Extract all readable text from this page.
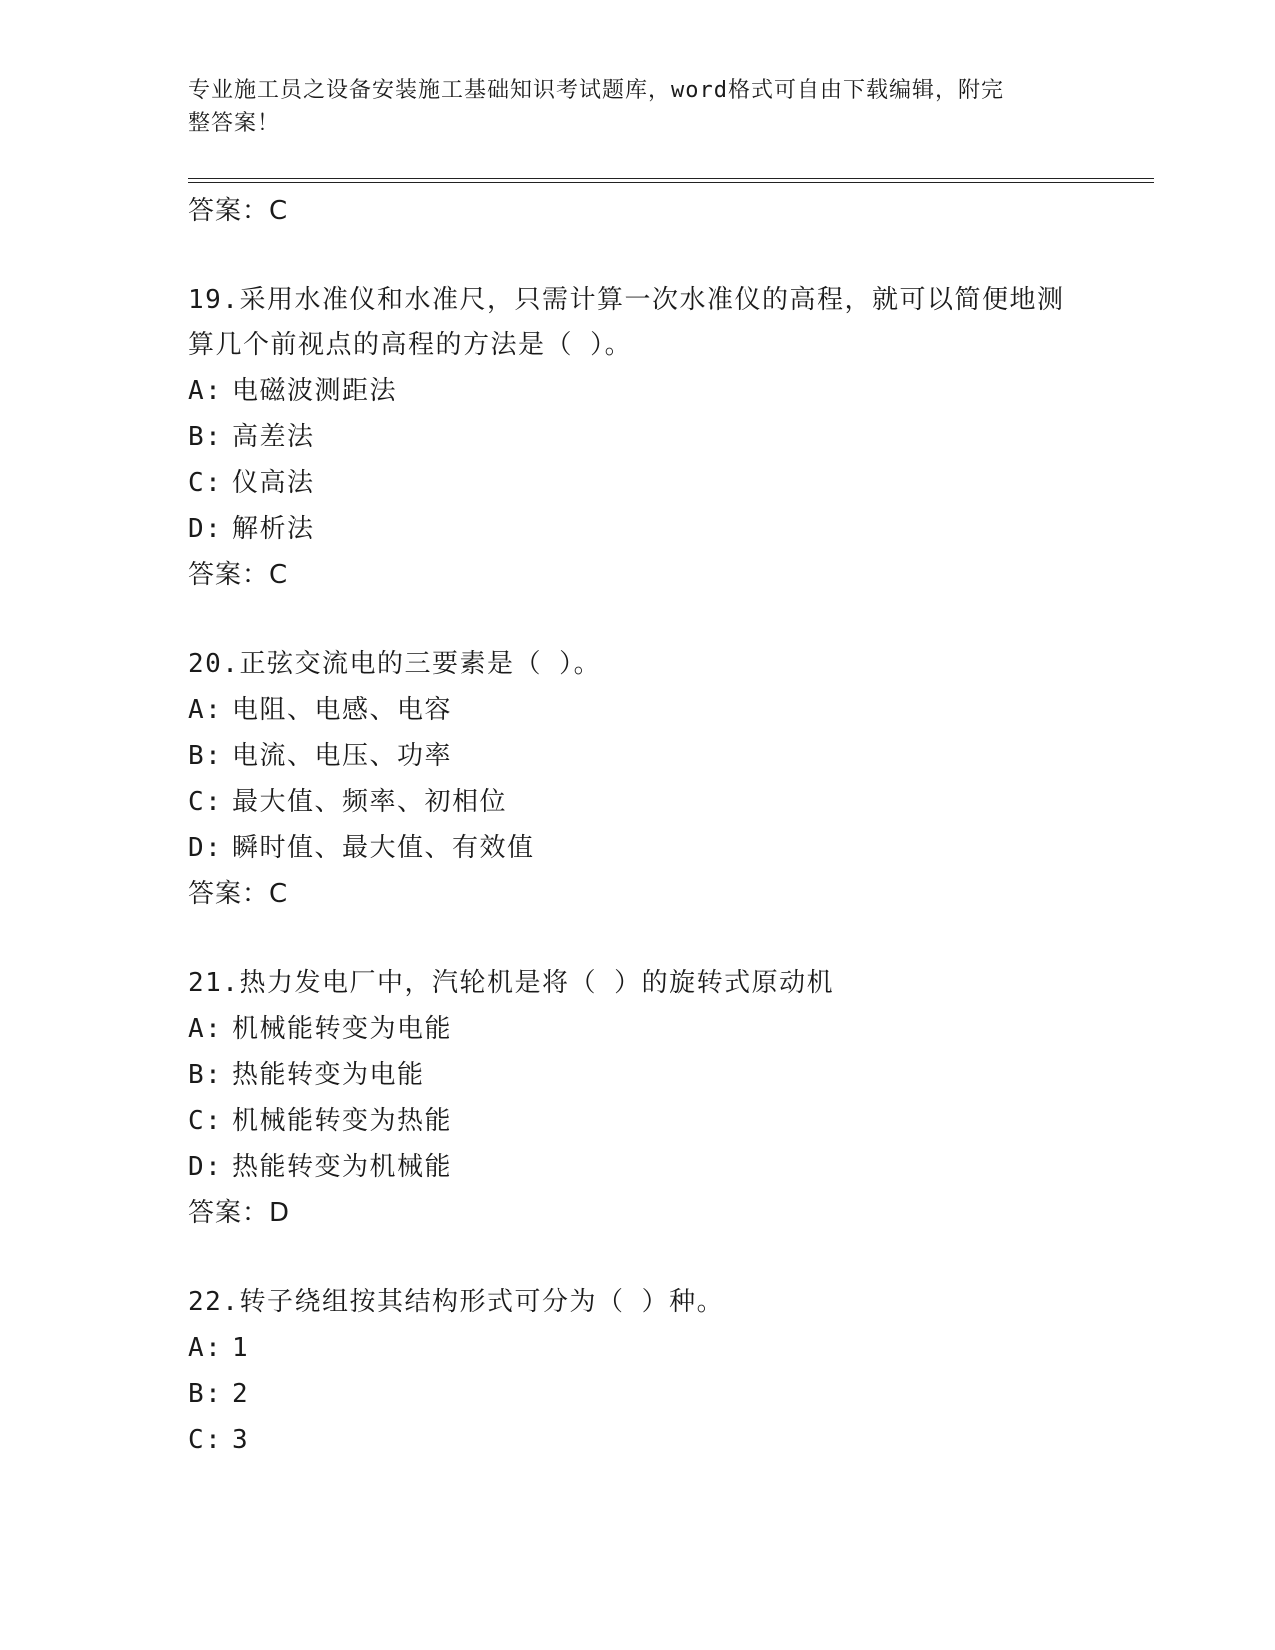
专业施工员之设备安装施工基础知识考试题库，word格式可自由下载编辑，附完
整答案！
答案：C
19.采用水准仪和水准尺，只需计算一次水准仪的高程，就可以简便地测算几个前视点的高程的方法是（ ）。
A: 电磁波测距法
B: 高差法
C: 仪高法
D: 解析法
答案：C
20.正弦交流电的三要素是（ ）。
A: 电阻、电感、电容
B: 电流、电压、功率
C: 最大值、频率、初相位
D: 瞬时值、最大值、有效值
答案：C
21.热力发电厂中，汽轮机是将（ ）的旋转式原动机
A: 机械能转变为电能
B: 热能转变为电能
C: 机械能转变为热能
D: 热能转变为机械能
答案：D
22.转子绕组按其结构形式可分为（ ）种。
A: 1
B: 2
C: 3
